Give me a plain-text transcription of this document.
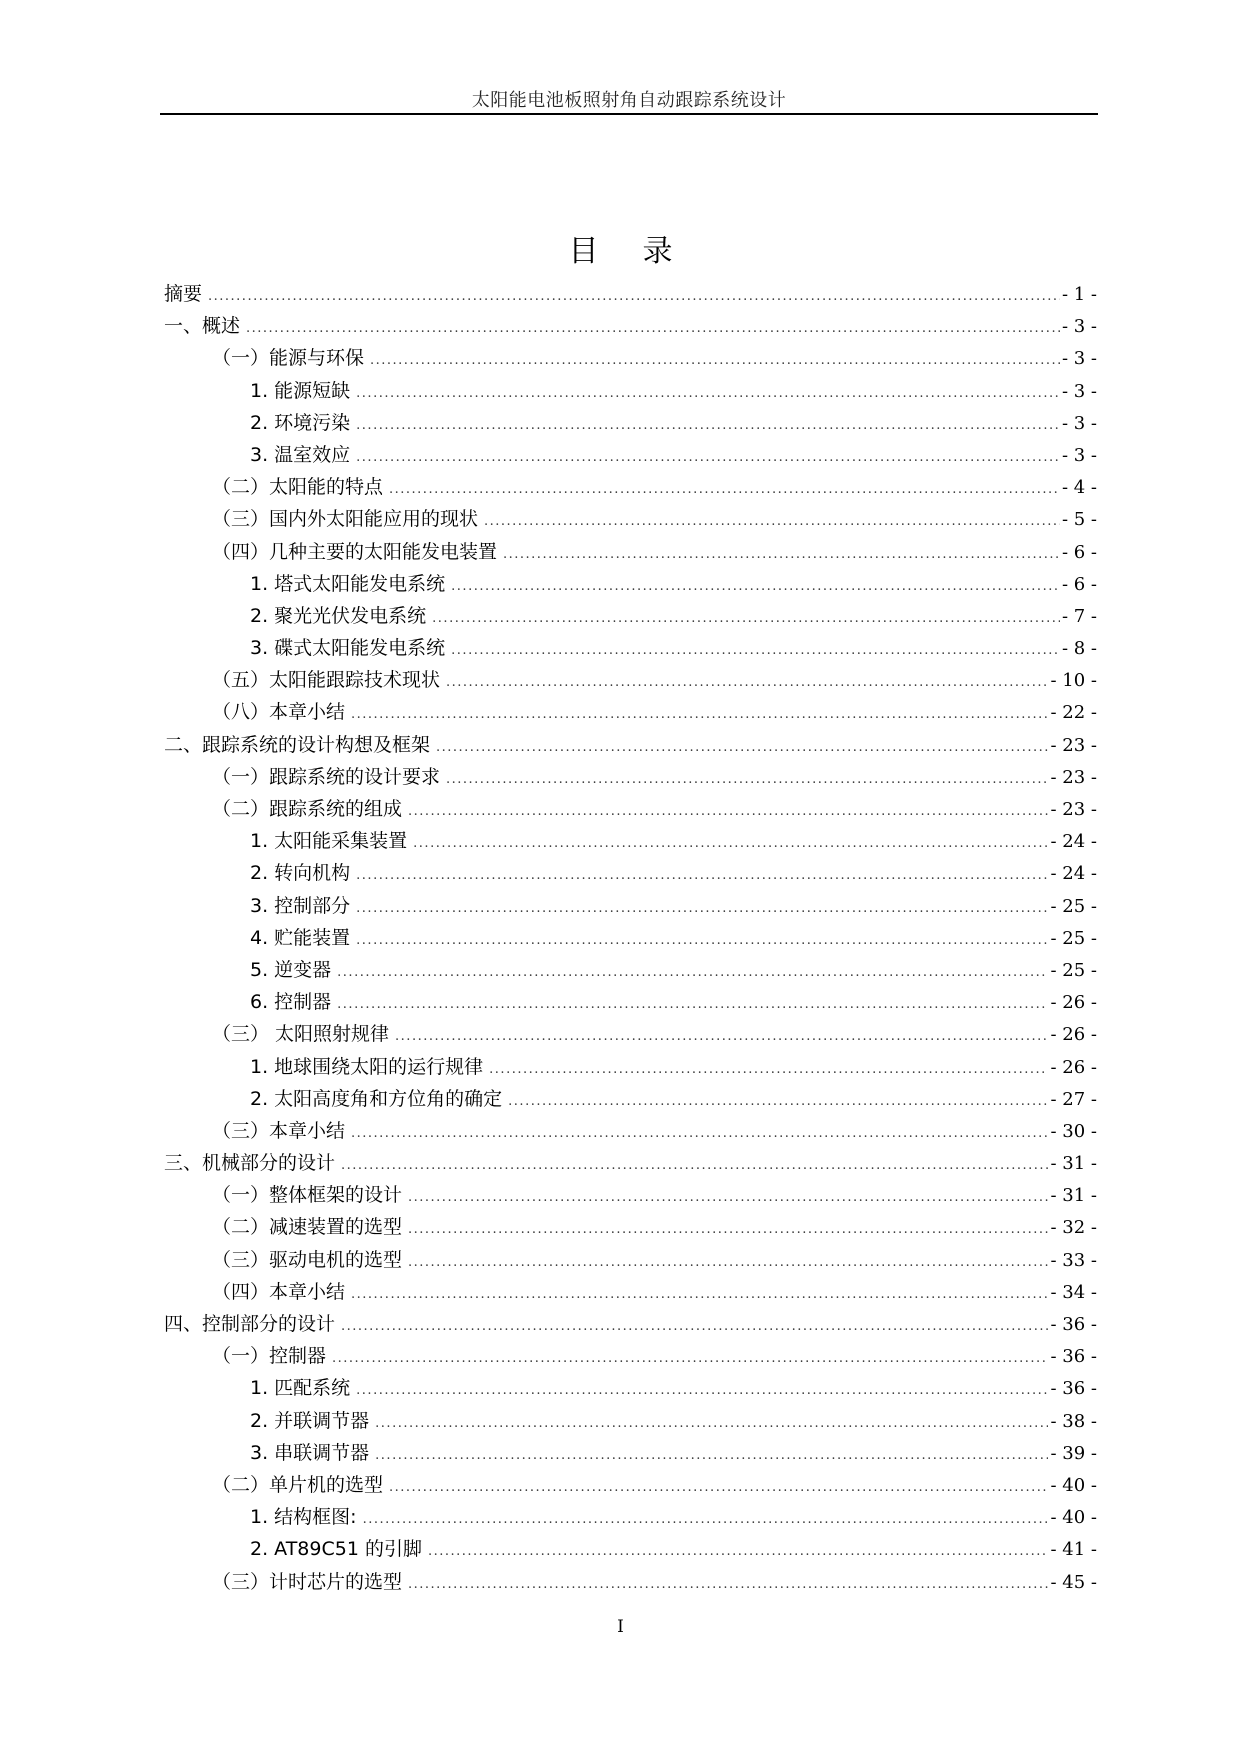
太阳能电池板照射角自动跟踪系统设计
目 录
摘要 .....	- 1 -
一、概述 .....	- 3 -
（一）能源与环保 .....	- 3 -
1. 能源短缺 .....	- 3 -
2. 环境污染 .....	- 3 -
3. 温室效应 .....	- 3 -
（二）太阳能的特点 .....	- 4 -
（三）国内外太阳能应用的现状 .....	- 5 -
（四）几种主要的太阳能发电装置 .....	- 6 -
1. 塔式太阳能发电系统 .....	- 6 -
2. 聚光光伏发电系统 .....	- 7 -
3. 碟式太阳能发电系统 .....	- 8 -
（五）太阳能跟踪技术现状 .....	- 10 -
（八）本章小结 .....	- 22 -
二、跟踪系统的设计构想及框架 .....	- 23 -
（一）跟踪系统的设计要求 .....	- 23 -
（二）跟踪系统的组成 .....	- 23 -
1. 太阳能采集装置 .....	- 24 -
2. 转向机构 .....	- 24 -
3. 控制部分 .....	- 25 -
4. 贮能装置 .....	- 25 -
5. 逆变器 .....	- 25 -
6. 控制器 .....	- 26 -
（三） 太阳照射规律 .....	- 26 -
1. 地球围绕太阳的运行规律 .....	- 26 -
2. 太阳高度角和方位角的确定 .....	- 27 -
（三）本章小结 .....	- 30 -
三、机械部分的设计 .....	- 31 -
（一）整体框架的设计 .....	- 31 -
（二）减速装置的选型 .....	- 32 -
（三）驱动电机的选型 .....	- 33 -
（四）本章小结 .....	- 34 -
四、控制部分的设计 .....	- 36 -
（一）控制器 .....	- 36 -
1. 匹配系统 .....	- 36 -
2. 并联调节器 .....	- 38 -
3. 串联调节器 .....	- 39 -
（二）单片机的选型 .....	- 40 -
1. 结构框图: .....	- 40 -
2. AT89C51 的引脚 .....	- 41 -
（三）计时芯片的选型 .....	- 45 -
I
